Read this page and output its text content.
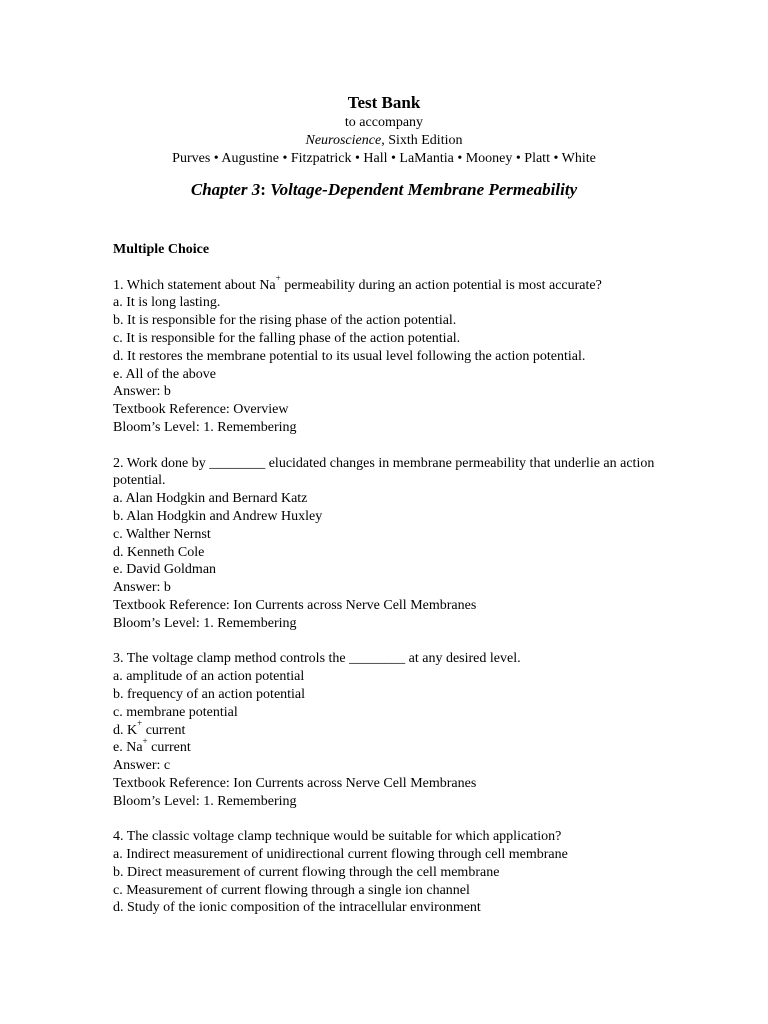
Test Bank
to accompany
Neuroscience, Sixth Edition
Purves • Augustine • Fitzpatrick • Hall • LaMantia • Mooney • Platt • White
Chapter 3: Voltage-Dependent Membrane Permeability
Multiple Choice
1. Which statement about Na+ permeability during an action potential is most accurate?
a. It is long lasting.
b. It is responsible for the rising phase of the action potential.
c. It is responsible for the falling phase of the action potential.
d. It restores the membrane potential to its usual level following the action potential.
e. All of the above
Answer: b
Textbook Reference: Overview
Bloom’s Level: 1. Remembering
2. Work done by ________ elucidated changes in membrane permeability that underlie an action potential.
a. Alan Hodgkin and Bernard Katz
b. Alan Hodgkin and Andrew Huxley
c. Walther Nernst
d. Kenneth Cole
e. David Goldman
Answer: b
Textbook Reference: Ion Currents across Nerve Cell Membranes
Bloom’s Level: 1. Remembering
3. The voltage clamp method controls the ________ at any desired level.
a. amplitude of an action potential
b. frequency of an action potential
c. membrane potential
d. K+ current
e. Na+ current
Answer: c
Textbook Reference: Ion Currents across Nerve Cell Membranes
Bloom’s Level: 1. Remembering
4. The classic voltage clamp technique would be suitable for which application?
a. Indirect measurement of unidirectional current flowing through cell membrane
b. Direct measurement of current flowing through the cell membrane
c. Measurement of current flowing through a single ion channel
d. Study of the ionic composition of the intracellular environment
